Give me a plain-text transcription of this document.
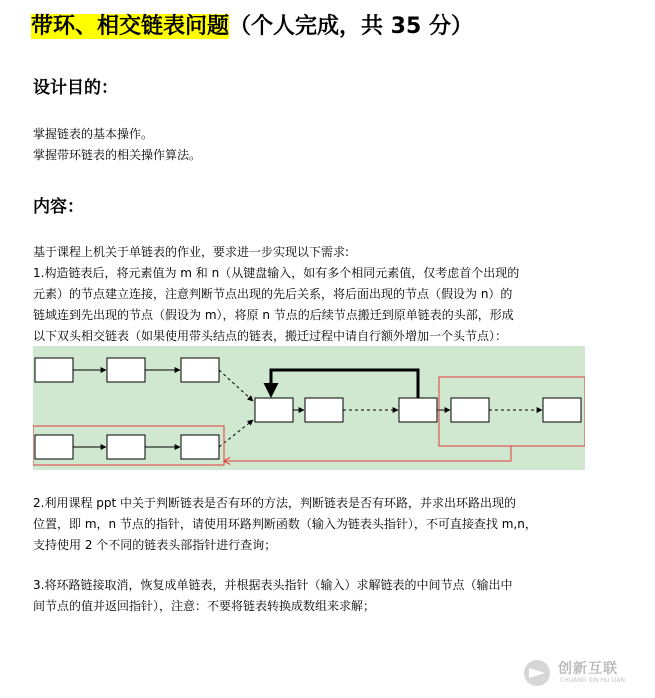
带环、相交链表问题（个人完成，共 35 分）
设计目的：
掌握链表的基本操作。
掌握带环链表的相关操作算法。
内容：
基于课程上机关于单链表的作业，要求进一步实现以下需求:
1.构造链表后，将元素值为 m 和 n（从键盘输入，如有多个相同元素值，仅考虑首个出现的
元素）的节点建立连接，注意判断节点出现的先后关系，将后面出现的节点（假设为 n）的
链域连到先出现的节点（假设为 m），将原 n 节点的后续节点搬迁到原单链表的头部，形成
以下双头相交链表（如果使用带头结点的链表，搬迁过程中请自行额外增加一个头节点）：
2.利用课程 ppt 中关于判断链表是否有环的方法，判断链表是否有环路，并求出环路出现的
位置，即 m，n 节点的指针，请使用环路判断函数（输入为链表头指针），不可直接查找 m,n，
支持使用 2 个不同的链表头部指针进行查询；
3.将环路链接取消，恢复成单链表，并根据表头指针（输入）求解链表的中间节点（输出中
间节点的值并返回指针），注意：不要将链表转换成数组来求解；
创新互联
CHUANG XIN HU LIAN
